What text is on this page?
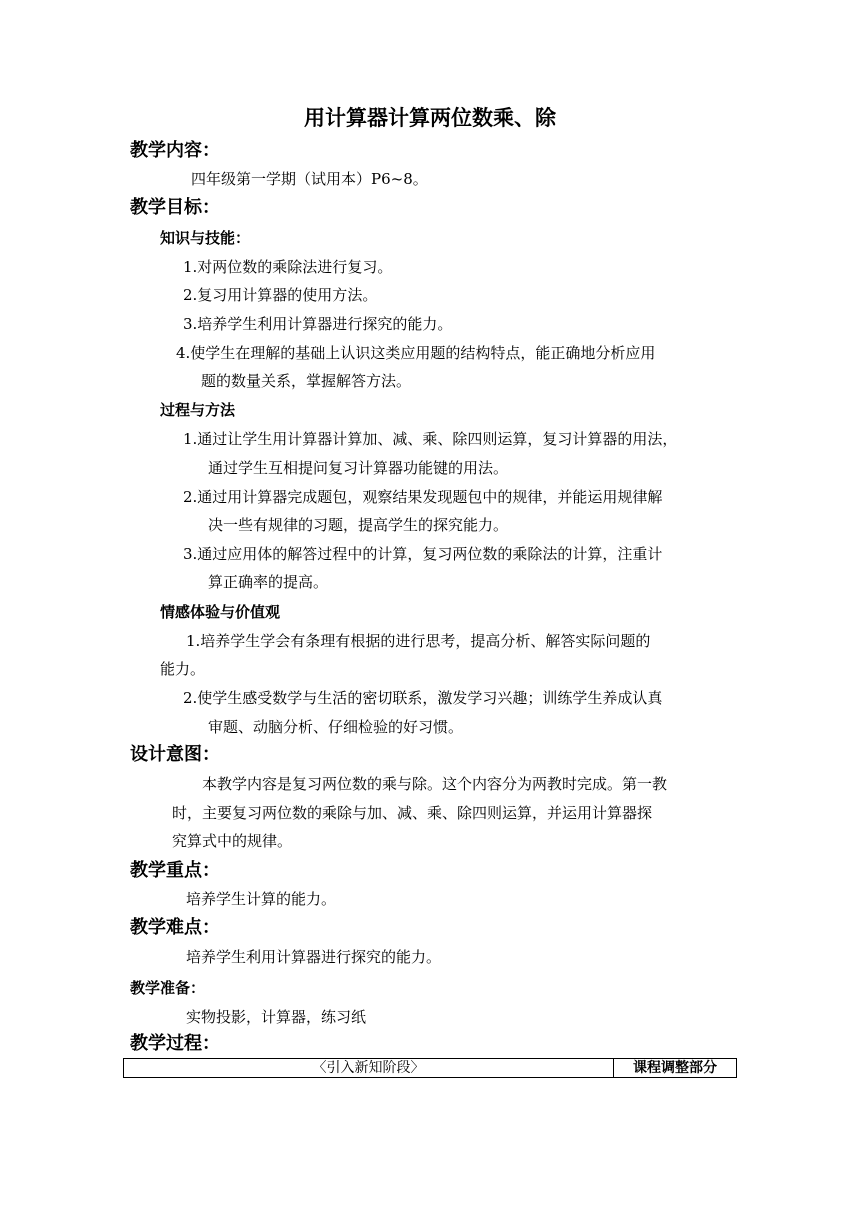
用计算器计算两位数乘、除
教学内容：
四年级第一学期（试用本）P6~8。
教学目标：
知识与技能：
1.对两位数的乘除法进行复习。
2.复习用计算器的使用方法。
3.培养学生利用计算器进行探究的能力。
4.使学生在理解的基础上认识这类应用题的结构特点，能正确地分析应用
题的数量关系，掌握解答方法。
过程与方法
1.通过让学生用计算器计算加、减、乘、除四则运算，复习计算器的用法，
通过学生互相提问复习计算器功能键的用法。
2.通过用计算器完成题包，观察结果发现题包中的规律，并能运用规律解
决一些有规律的习题，提高学生的探究能力。
3.通过应用体的解答过程中的计算，复习两位数的乘除法的计算，注重计
算正确率的提高。
情感体验与价值观
1.培养学生学会有条理有根据的进行思考，提高分析、解答实际问题的
能力。
2.使学生感受数学与生活的密切联系，激发学习兴趣；训练学生养成认真
审题、动脑分析、仔细检验的好习惯。
设计意图：
本教学内容是复习两位数的乘与除。这个内容分为两教时完成。第一教
时，主要复习两位数的乘除与加、减、乘、除四则运算，并运用计算器探
究算式中的规律。
教学重点：
培养学生计算的能力。
教学难点：
培养学生利用计算器进行探究的能力。
教学准备：
实物投影，计算器，练习纸
教学过程：
〈引入新知阶段〉	课程调整部分
